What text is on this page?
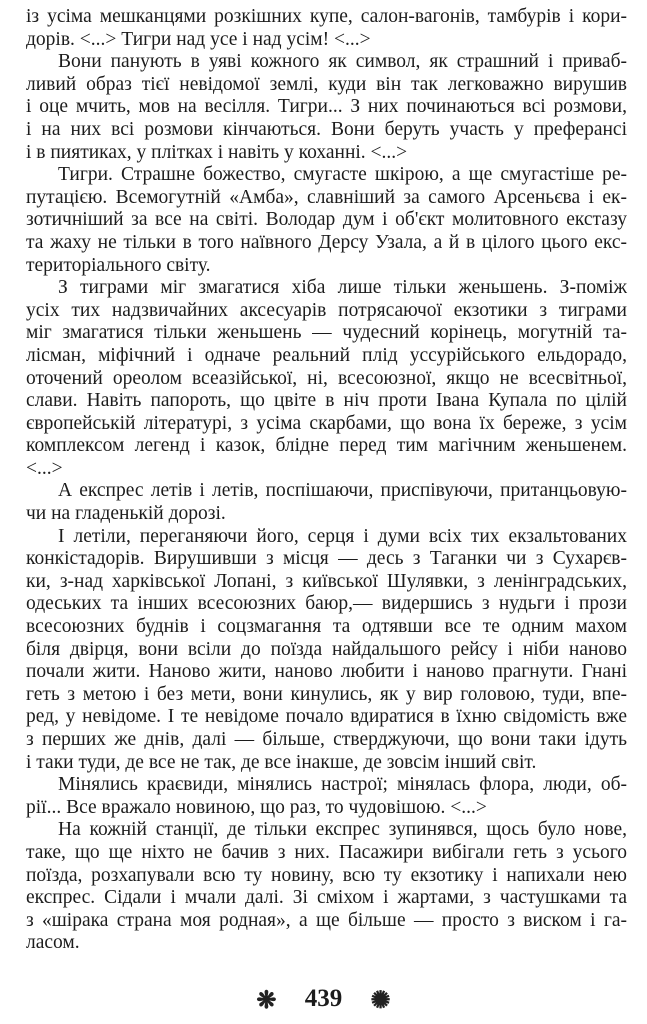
із усіма мешканцями розкішних купе, салон-вагонів, тамбурів і кори-
дорів. <...> Тигри над усе і над усім! <...>
Вони панують в уяві кожного як символ, як страшний і приваб-
ливий образ тієї невідомої землі, куди він так легковажно вирушив
і оце мчить, мов на весілля. Тигри... З них починаються всі розмови,
і на них всі розмови кінчаються. Вони беруть участь у преферансі
і в пиятиках, у плітках і навіть у коханні. <...>
Тигри. Страшне божество, смугасте шкірою, а ще смугастіше ре-
путацією. Всемогутній «Амба», славніший за самого Арсеньєва і ек-
зотичніший за все на світі. Володар дум і об'єкт молитовного екстазу
та жаху не тільки в того наївного Дерсу Узала, а й в цілого цього екс-
територіального світу.
З тиграми міг змагатися хіба лише тільки женьшень. З-поміж
усіх тих надзвичайних аксесуарів потрясаючої екзотики з тиграми
міг змагатися тільки женьшень — чудесний корінець, могутній та-
лісман, міфічний і одначе реальний плід уссурійського ельдорадо,
оточений ореолом всеазійської, ні, всесоюзної, якщо не всесвітньої,
слави. Навіть папороть, що цвіте в ніч проти Івана Купала по цілій
європейській літературі, з усіма скарбами, що вона їх береже, з усім
комплексом легенд і казок, блідне перед тим магічним женьшенем.
<...>
А експрес летів і летів, поспішаючи, приспівуючи, пританцьовую-
чи на гладенькій дорозі.
І летіли, переганяючи його, серця і думи всіх тих екзальтованих
конкістадорів. Вирушивши з місця — десь з Таганки чи з Сухарєв-
ки, з-над харківської Лопані, з київської Шулявки, з ленінградських,
одеських та інших всесоюзних баюр,— видершись з нудьги і прози
всесоюзних буднів і соцзмагання та одтявши все те одним махом
біля двірця, вони всіли до поїзда найдальшого рейсу і ніби наново
почали жити. Наново жити, наново любити і наново прагнути. Гнані
геть з метою і без мети, вони кинулись, як у вир головою, туди, впе-
ред, у невідоме. І те невідоме почало вдиратися в їхню свідомість вже
з перших же днів, далі — більше, стверджуючи, що вони таки ідуть
і таки туди, де все не так, де все інакше, де зовсім інший світ.
Мінялись краєвиди, мінялись настрої; мінялась флора, люди, об-
рії... Все вражало новиною, що раз, то чудовішою. <...>
На кожній станції, де тільки експрес зупинявся, щось було нове,
таке, що ще ніхто не бачив з них. Пасажири вибігали геть з усього
поїзда, розхапували всю ту новину, всю ту екзотику і напихали нею
експрес. Сідали і мчали далі. Зі сміхом і жартами, з частушками та
з «шірака страна моя родная», а ще більше — просто з виском і га-
ласом.
❋ 439 ✺
